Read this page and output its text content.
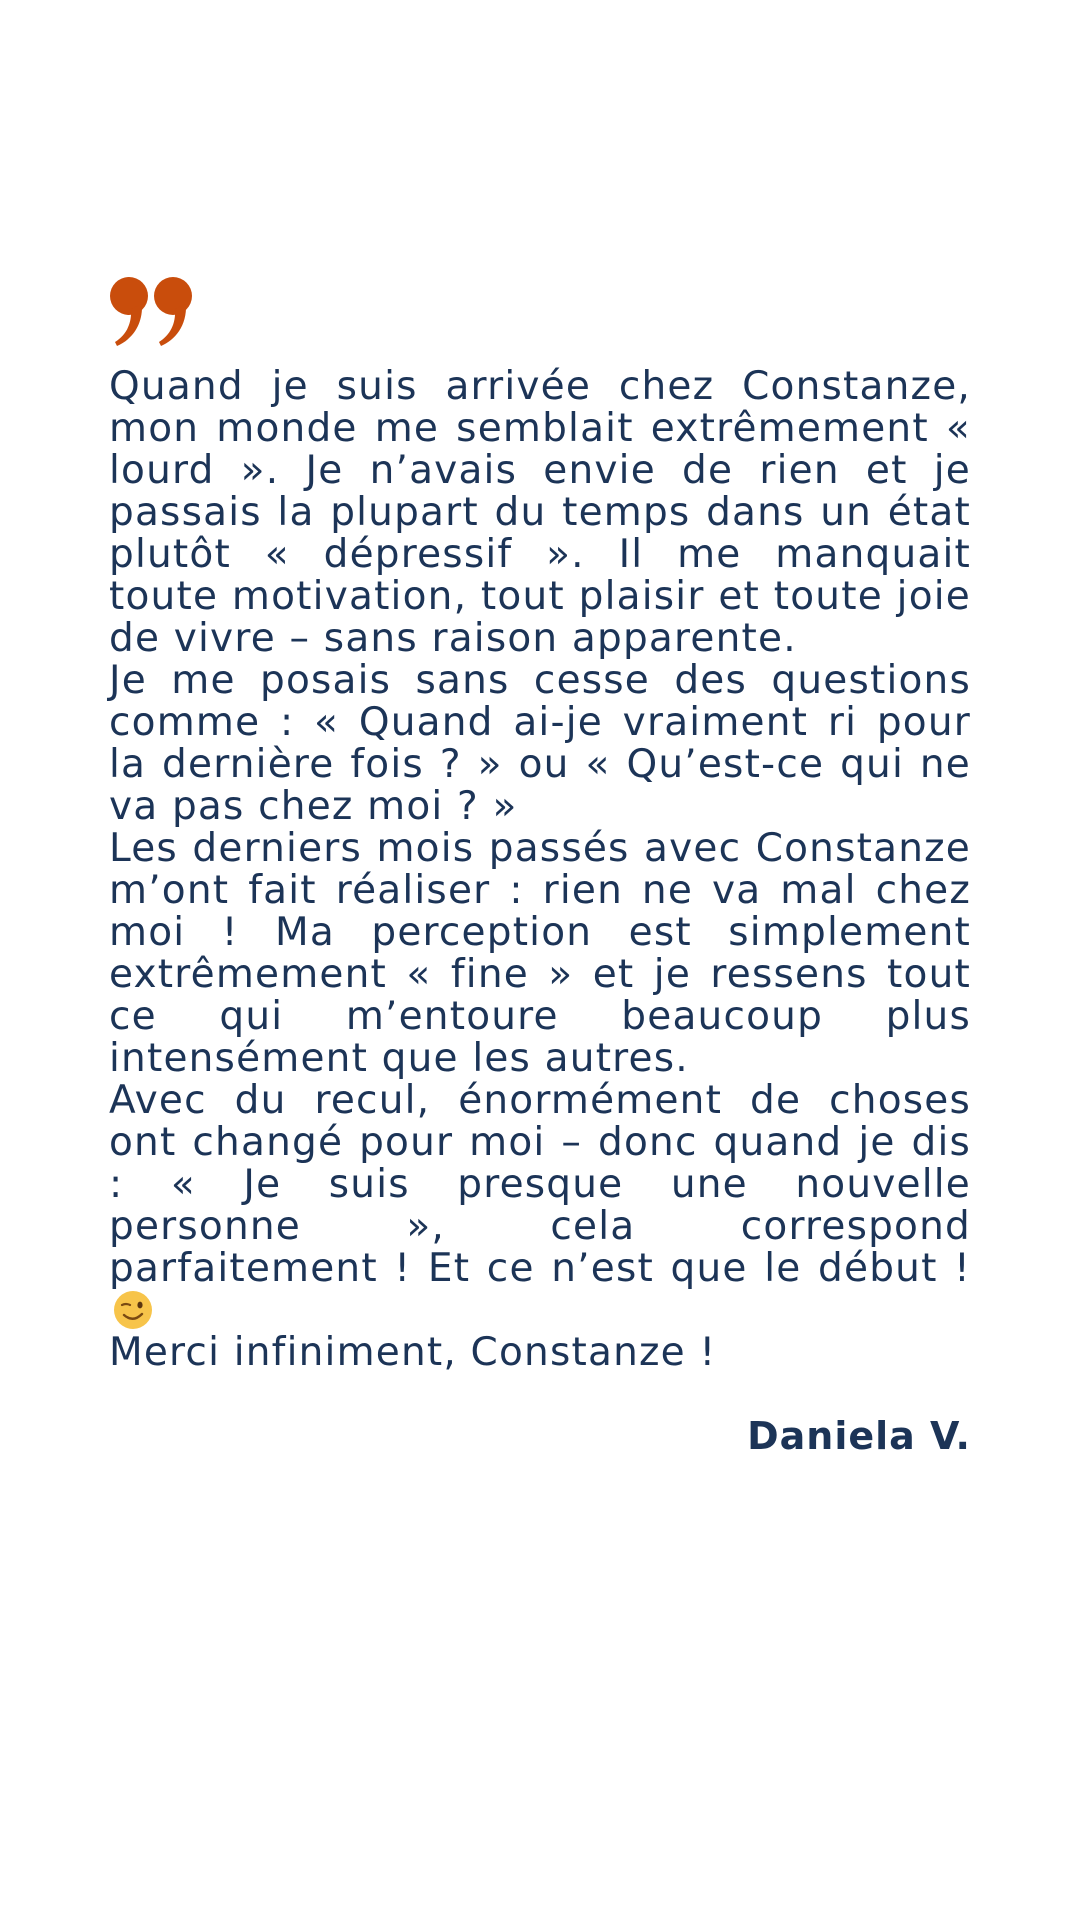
Quand je suis arrivée chez Constanze, mon monde me semblait extrêmement « lourd ». Je n’avais envie de rien et je passais la plupart du temps dans un état plutôt « dépressif ». Il me manquait toute motivation, tout plaisir et toute joie de vivre – sans raison apparente.

Je me posais sans cesse des questions comme : « Quand ai-je vraiment ri pour la dernière fois ? » ou « Qu’est-ce qui ne va pas chez moi ? »

Les derniers mois passés avec Constanze m’ont fait réaliser : rien ne va mal chez moi ! Ma perception est simplement extrêmement « fine » et je ressens tout ce qui m’entoure beaucoup plus intensément que les autres.

Avec du recul, énormément de choses ont changé pour moi – donc quand je dis : « Je suis presque une nouvelle personne », cela correspond parfaitement ! Et ce n’est que le début !

Merci infiniment, Constanze !

Daniela V.
